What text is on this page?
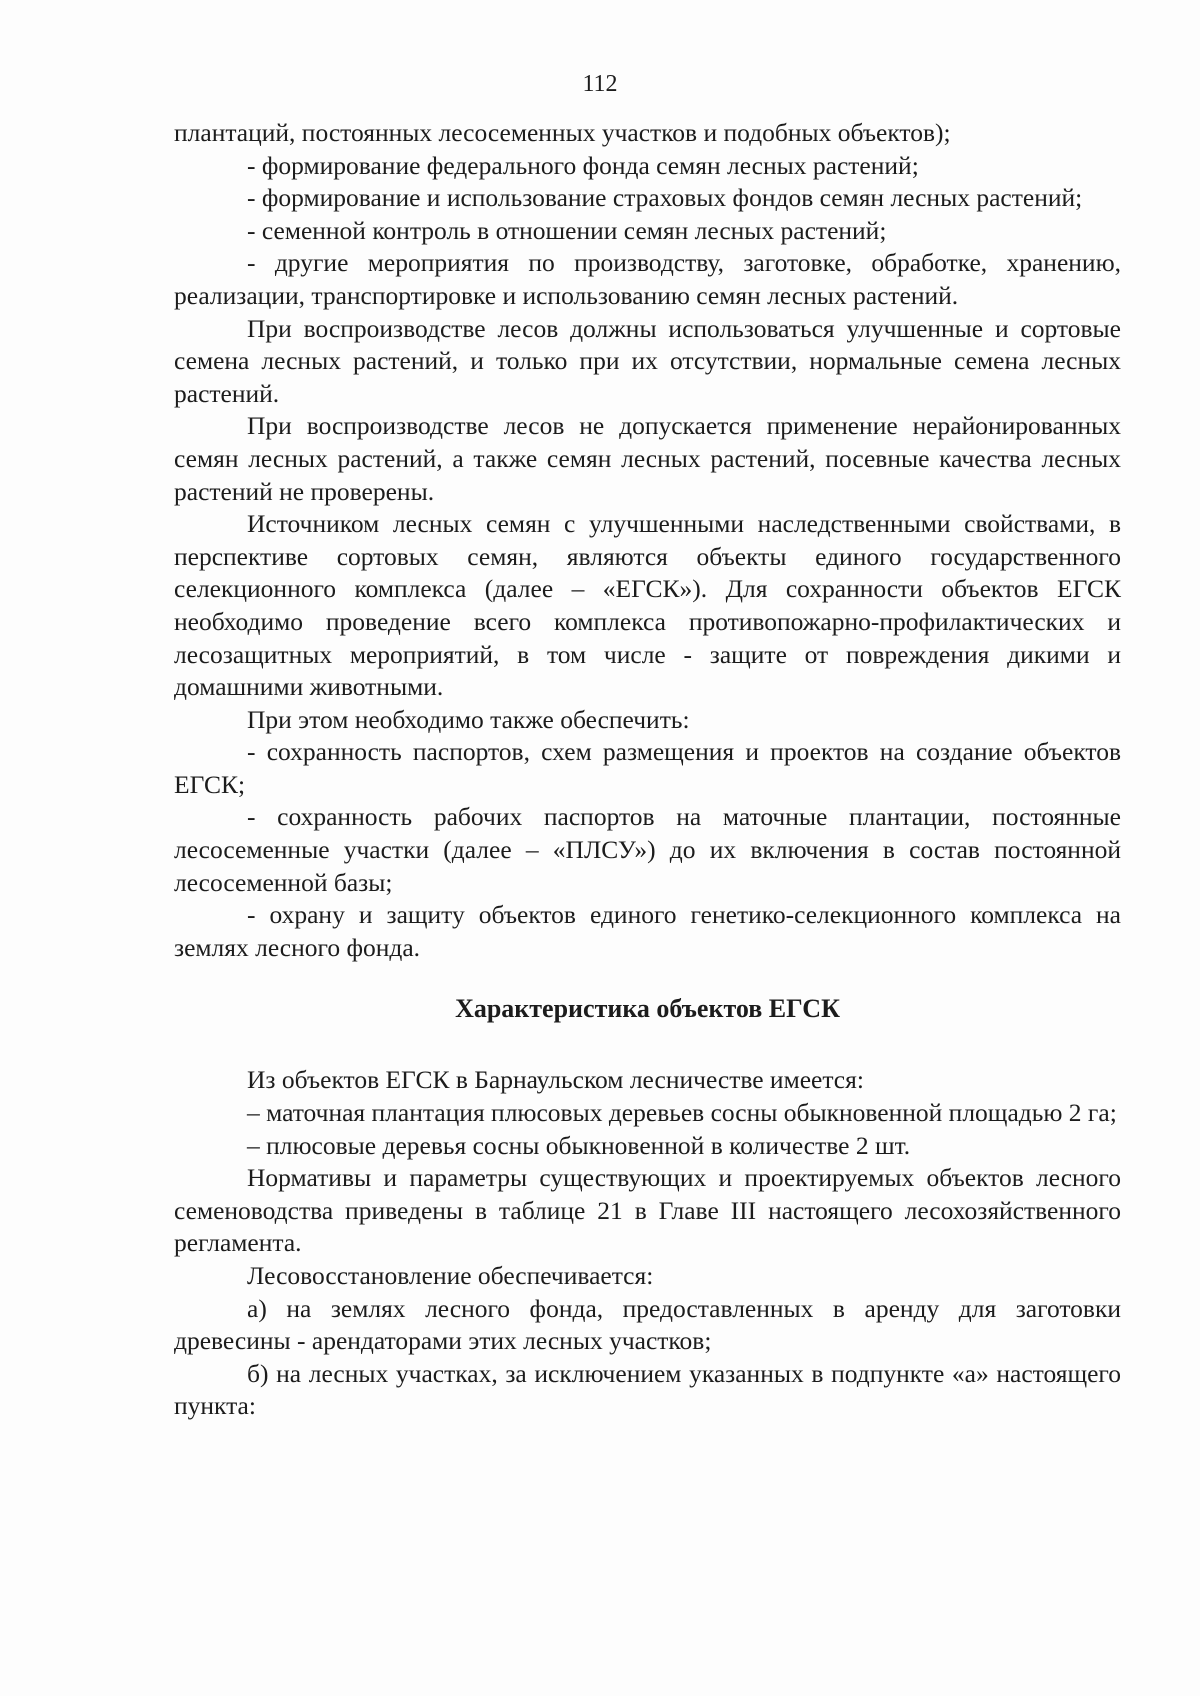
112

плантаций, постоянных лесосеменных участков и подобных объектов);

- формирование федерального фонда семян лесных растений;

- формирование и использование страховых фондов семян лесных растений;

- семенной контроль в отношении семян лесных растений;

- другие мероприятия по производству, заготовке, обработке, хранению, реализации, транспортировке и использованию семян лесных растений.

При воспроизводстве лесов должны использоваться улучшенные и сортовые семена лесных растений, и только при их отсутствии, нормальные семена лесных растений.

При воспроизводстве лесов не допускается применение нерайонированных семян лесных растений, а также семян лесных растений, посевные качества лесных растений не проверены.

Источником лесных семян с улучшенными наследственными свойствами, в перспективе сортовых семян, являются объекты единого государственного селекционного комплекса (далее – «ЕГСК»). Для сохранности объектов ЕГСК необходимо проведение всего комплекса противопожарно-профилактических и лесозащитных мероприятий, в том числе - защите от повреждения дикими и домашними животными.

При этом необходимо также обеспечить:

- сохранность паспортов, схем размещения и проектов на создание объектов ЕГСК;

- сохранность рабочих паспортов на маточные плантации, постоянные лесосеменные участки (далее – «ПЛСУ») до их включения в состав постоянной лесосеменной базы;

- охрану и защиту объектов единого генетико-селекционного комплекса на землях лесного фонда.

Характеристика объектов ЕГСК

Из объектов ЕГСК в Барнаульском лесничестве имеется:

– маточная плантация плюсовых деревьев сосны обыкновенной площадью 2 га;

– плюсовые деревья сосны обыкновенной в количестве 2 шт.

Нормативы и параметры существующих и проектируемых объектов лесного семеноводства приведены в таблице 21 в Главе III настоящего лесохозяйственного регламента.

Лесовосстановление обеспечивается:

а) на землях лесного фонда, предоставленных в аренду для заготовки древесины - арендаторами этих лесных участков;

б) на лесных участках, за исключением указанных в подпункте «а» настоящего пункта:
